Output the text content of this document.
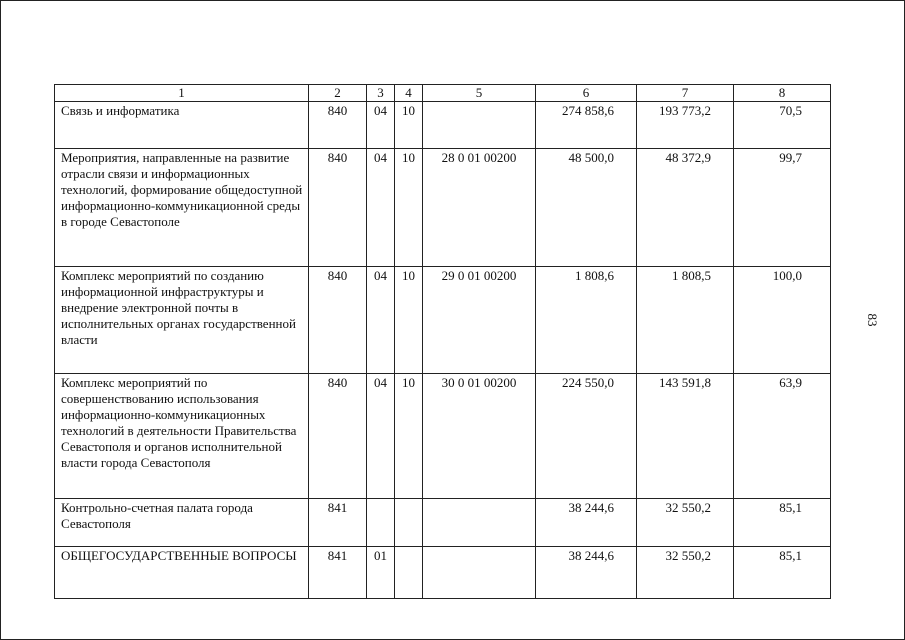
83
1	2	3	4	5	6	7	8
Связь и информатика	840	04	10		274 858,6	193 773,2	70,5
Мероприятия, направленные на развитие отрасли связи и информационных технологий, формирование общедоступной информационно-коммуникационной среды в городе Севастополе	840	04	10	28 0 01 00200	48 500,0	48 372,9	99,7
Комплекс мероприятий по созданию информационной инфраструктуры и внедрение электронной почты в исполнительных органах государственной власти	840	04	10	29 0 01 00200	1 808,6	1 808,5	100,0
Комплекс мероприятий по совершенствованию использования информационно-коммуникационных технологий в деятельности Правительства Севастополя и органов исполнительной власти города Севастополя	840	04	10	30 0 01 00200	224 550,0	143 591,8	63,9
Контрольно-счетная палата города Севастополя	841				38 244,6	32 550,2	85,1
ОБЩЕГОСУДАРСТВЕННЫЕ ВОПРОСЫ	841	01			38 244,6	32 550,2	85,1
